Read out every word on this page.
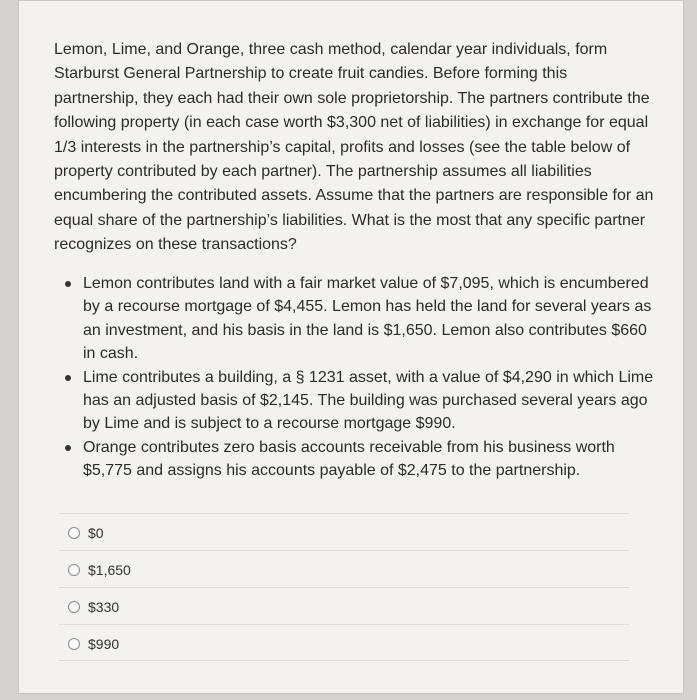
Lemon, Lime, and Orange, three cash method, calendar year individuals, form Starburst General Partnership to create fruit candies. Before forming this partnership, they each had their own sole proprietorship. The partners contribute the following property (in each case worth $3,300 net of liabilities) in exchange for equal 1/3 interests in the partnership’s capital, profits and losses (see the table below of property contributed by each partner). The partnership assumes all liabilities encumbering the contributed assets. Assume that the partners are responsible for an equal share of the partnership’s liabilities. What is the most that any specific partner recognizes on these transactions?

Lemon contributes land with a fair market value of $7,095, which is encumbered by a recourse mortgage of $4,455. Lemon has held the land for several years as an investment, and his basis in the land is $1,650. Lemon also contributes $660 in cash.
Lime contributes a building, a § 1231 asset, with a value of $4,290 in which Lime has an adjusted basis of $2,145. The building was purchased several years ago by Lime and is subject to a recourse mortgage $990.
Orange contributes zero basis accounts receivable from his business worth $5,775 and assigns his accounts payable of $2,475 to the partnership.
$0
$1,650
$330
$990
